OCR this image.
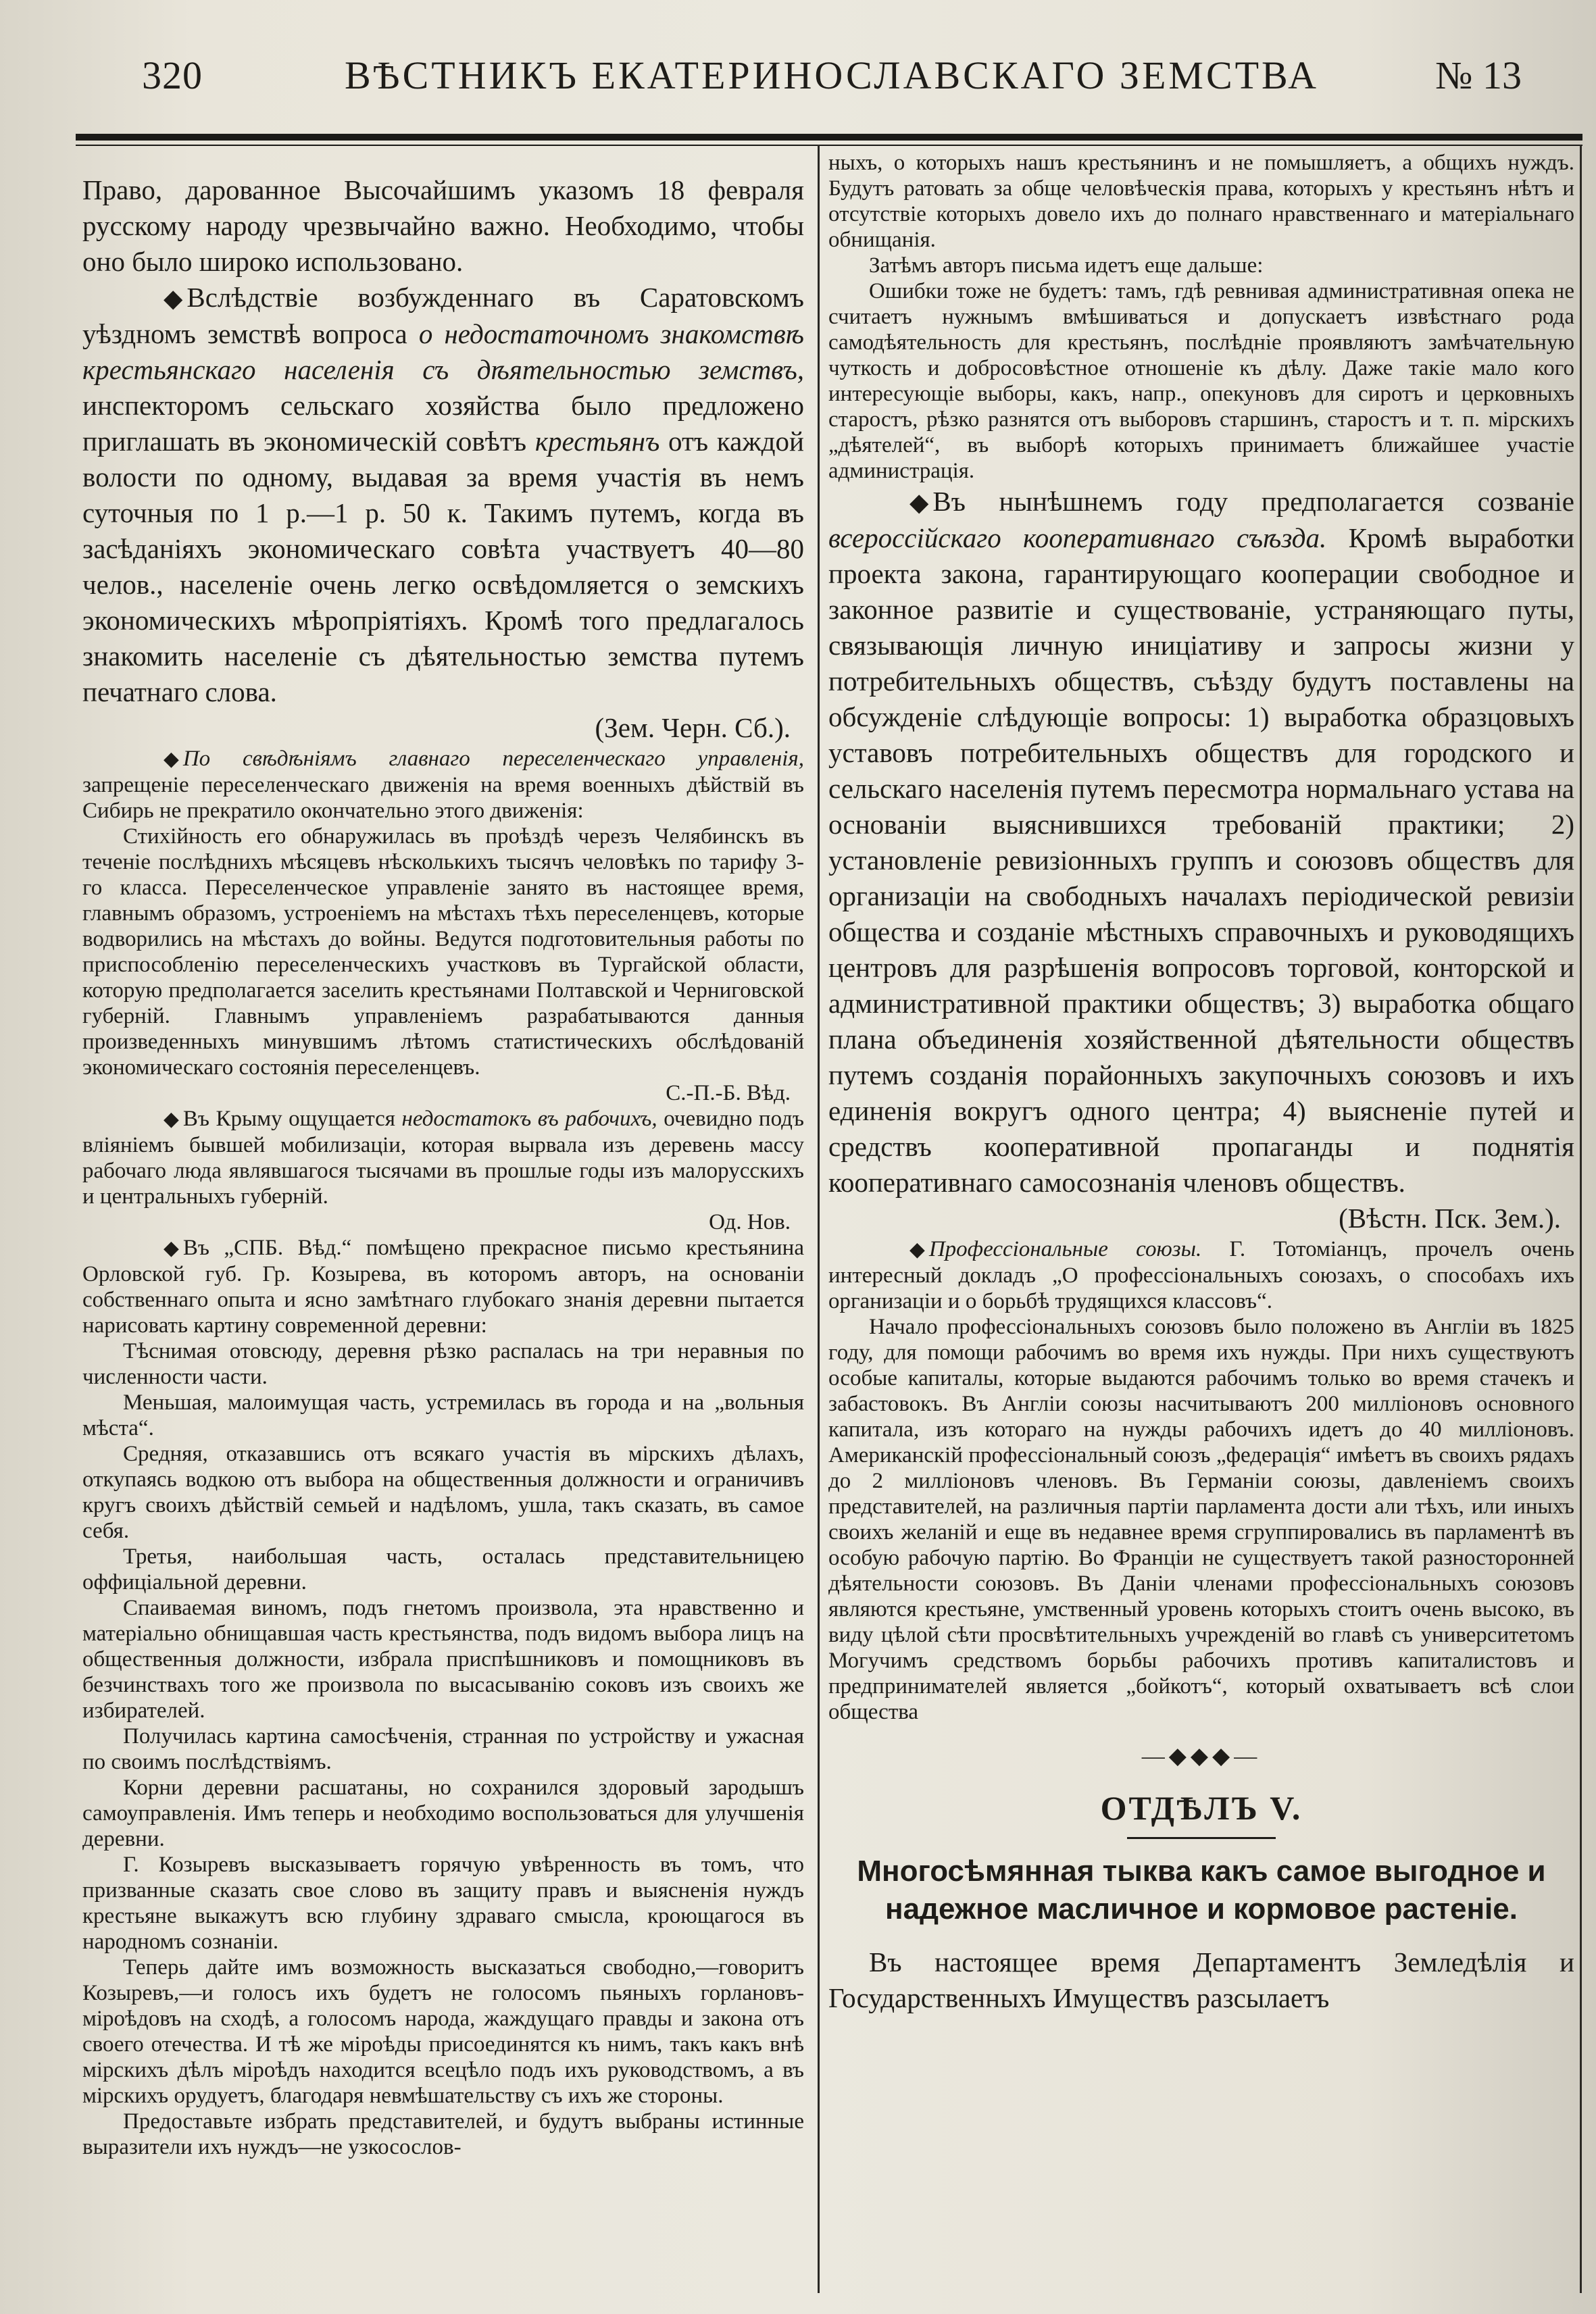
320	ВѢСТНИКЪ ЕКАТЕРИНОСЛАВСКАГО ЗЕМСТВА	№ 13

Право, дарованное Высочайшимъ указомъ 18 февраля русскому народу чрезвычайно важно. Необходимо, чтобы оно было широко использовано.

◆ Вслѣдствіе возбужденнаго въ Саратовскомъ уѣздномъ земствѣ вопроса о недостаточномъ знакомствѣ крестьянскаго населенія съ дѣятельностью земствъ, инспекторомъ сельскаго хозяйства было предложено приглашать въ экономическій совѣтъ крестьянъ отъ каждой волости по одному, выдавая за время участія въ немъ суточныя по 1 р.—1 р. 50 к. Такимъ путемъ, когда въ засѣданіяхъ экономическаго совѣта участвуетъ 40—80 челов., населеніе очень легко освѣдомляется о земскихъ экономическихъ мѣропріятіяхъ. Кромѣ того предлагалось знакомить населеніе съ дѣятельностью земства путемъ печатнаго слова.

(Зем. Черн. Сб.).

◆ По свѣдѣніямъ главнаго переселенческаго управленія, запрещеніе переселенческаго движенія на время военныхъ дѣйствій въ Сибирь не прекратило окончательно этого движенія:

Стихійность его обнаружилась въ проѣздѣ черезъ Челябинскъ въ теченіе послѣднихъ мѣсяцевъ нѣсколькихъ тысячъ человѣкъ по тарифу 3-го класса. Переселенческое управленіе занято въ настоящее время, главнымъ образомъ, устроеніемъ на мѣстахъ тѣхъ переселенцевъ, которые водворились на мѣстахъ до войны. Ведутся подготовительныя работы по приспособленію переселенческихъ участковъ въ Тургайской области, которую предполагается заселить крестьянами Полтавской и Черниговской губерній. Главнымъ управленіемъ разрабатываются данныя произведенныхъ минувшимъ лѣтомъ статистическихъ обслѣдованій экономическаго состоянія переселенцевъ.

С.-П.-Б. Вѣд.

◆ Въ Крыму ощущается недостатокъ въ рабочихъ, очевидно подъ вліяніемъ бывшей мобилизаціи, которая вырвала изъ деревень массу рабочаго люда являвшагося тысячами въ прошлые годы изъ малорусскихъ и центральныхъ губерній.

Од. Нов.

◆ Въ „СПБ. Вѣд.“ помѣщено прекрасное письмо крестьянина Орловской губ. Гр. Козырева, въ которомъ авторъ, на основаніи собственнаго опыта и ясно замѣтнаго глубокаго знанія деревни пытается нарисовать картину современной деревни:

Тѣснимая отовсюду, деревня рѣзко распалась на три неравныя по численности части.

Меньшая, малоимущая часть, устремилась въ города и на „вольныя мѣста“.

Средняя, отказавшись отъ всякаго участія въ мірскихъ дѣлахъ, откупаясь водкою отъ выбора на общественныя должности и ограничивъ кругъ своихъ дѣйствій семьей и надѣломъ, ушла, такъ сказать, въ самое себя.

Третья, наибольшая часть, осталась представительницею оффиціальной деревни.

Спаиваемая виномъ, подъ гнетомъ произвола, эта нравственно и матеріально обнищавшая часть крестьянства, подъ видомъ выбора лицъ на общественныя должности, избрала приспѣшниковъ и помощниковъ въ безчинствахъ того же произвола по высасыванію соковъ изъ своихъ же избирателей.

Получилась картина самосѣченія, странная по устройству и ужасная по своимъ послѣдствіямъ.

Корни деревни расшатаны, но сохранился здоровый зародышъ самоуправленія. Имъ теперь и необходимо воспользоваться для улучшенія деревни.

Г. Козыревъ высказываетъ горячую увѣренность въ томъ, что призванные сказать свое слово въ защиту правъ и выясненія нуждъ крестьяне выкажутъ всю глубину здраваго смысла, кроющагося въ народномъ сознаніи.

Теперь дайте имъ возможность высказаться свободно,—говоритъ Козыревъ,—и голосъ ихъ будетъ не голосомъ пьяныхъ горлановъ-міроѣдовъ на сходѣ, а голосомъ народа, жаждущаго правды и закона отъ своего отечества. И тѣ же міроѣды присоединятся къ нимъ, такъ какъ внѣ мірскихъ дѣлъ міроѣдъ находится всецѣло подъ ихъ руководствомъ, а въ мірскихъ орудуетъ, благодаря невмѣшательству съ ихъ же стороны.

Предоставьте избрать представителей, и будутъ выбраны истинные выразители ихъ нуждъ—не узкосослов-

ныхъ, о которыхъ нашъ крестьянинъ и не помышляетъ, а общихъ нуждъ. Будутъ ратовать за обще человѣческія права, которыхъ у крестьянъ нѣтъ и отсутствіе которыхъ довело ихъ до полнаго нравственнаго и матеріальнаго обнищанія.

Затѣмъ авторъ письма идетъ еще дальше:

Ошибки тоже не будетъ: тамъ, гдѣ ревнивая административная опека не считаетъ нужнымъ вмѣшиваться и допускаетъ извѣстнаго рода самодѣятельность для крестьянъ, послѣдніе проявляютъ замѣчательную чуткость и добросовѣстное отношеніе къ дѣлу. Даже такіе мало кого интересующіе выборы, какъ, напр., опекуновъ для сиротъ и церковныхъ старостъ, рѣзко разнятся отъ выборовъ старшинъ, старостъ и т. п. мірскихъ „дѣятелей“, въ выборѣ которыхъ принимаетъ ближайшее участіе администрація.

◆ Въ нынѣшнемъ году предполагается созваніе всероссійскаго кооперативнаго съѣзда. Кромѣ выработки проекта закона, гарантирующаго кооперации свободное и законное развитіе и существованіе, устраняющаго путы, связывающія личную иниціативу и запросы жизни у потребительныхъ обществъ, съѣзду будутъ поставлены на обсужденіе слѣдующіе вопросы: 1) выработка образцовыхъ уставовъ потребительныхъ обществъ для городского и сельскаго населенія путемъ пересмотра нормальнаго устава на основаніи выяснившихся требованій практики; 2) установленіе ревизіонныхъ группъ и союзовъ обществъ для организаціи на свободныхъ началахъ періодической ревизіи общества и созданіе мѣстныхъ справочныхъ и руководящихъ центровъ для разрѣшенія вопросовъ торговой, конторской и административной практики обществъ; 3) выработка общаго плана объединенія хозяйственной дѣятельности обществъ путемъ созданія порайонныхъ закупочныхъ союзовъ и ихъ единенія вокругъ одного центра; 4) выясненіе путей и средствъ кооперативной пропаганды и поднятія кооперативнаго самосознанія членовъ обществъ.

(Вѣстн. Пск. Зем.).

◆ Профессіональные союзы. Г. Тотоміанцъ, прочелъ очень интересный докладъ „О профессіональныхъ союзахъ, о способахъ ихъ организаціи и о борьбѣ трудящихся классовъ“.

Начало профессіональныхъ союзовъ было положено въ Англіи въ 1825 году, для помощи рабочимъ во время ихъ нужды. При нихъ существуютъ особые капиталы, которые выдаются рабочимъ только во время стачекъ и забастовокъ. Въ Англіи союзы насчитываютъ 200 милліоновъ основного капитала, изъ котораго на нужды рабочихъ идетъ до 40 милліоновъ. Американскій профессіональный союзъ „федерація“ имѣетъ въ своихъ рядахъ до 2 милліоновъ членовъ. Въ Германіи союзы, давленіемъ своихъ представителей, на различныя партіи парламента дости али тѣхъ, или иныхъ своихъ желаній и еще въ недавнее время сгруппировались въ парламентѣ въ особую рабочую партію. Во Франціи не существуетъ такой разносторонней дѣятельности союзовъ. Въ Даніи членами профессіональныхъ союзовъ являются крестьяне, умственный уровень которыхъ стоитъ очень высоко, въ виду цѣлой сѣти просвѣтительныхъ учрежденій во главѣ съ университетомъ Могучимъ средствомъ борьбы рабочихъ противъ капиталистовъ и предпринимателей является „бойкотъ“, который охватываетъ всѣ слои общества

—◆◆◆—
ОТДѢЛЪ V.
Многосѣмянная тыква какъ самое выгодное и надежное масличное и кормовое растеніе.

Въ настоящее время Департаментъ Земледѣлія и Государственныхъ Имуществъ разсылаетъ
